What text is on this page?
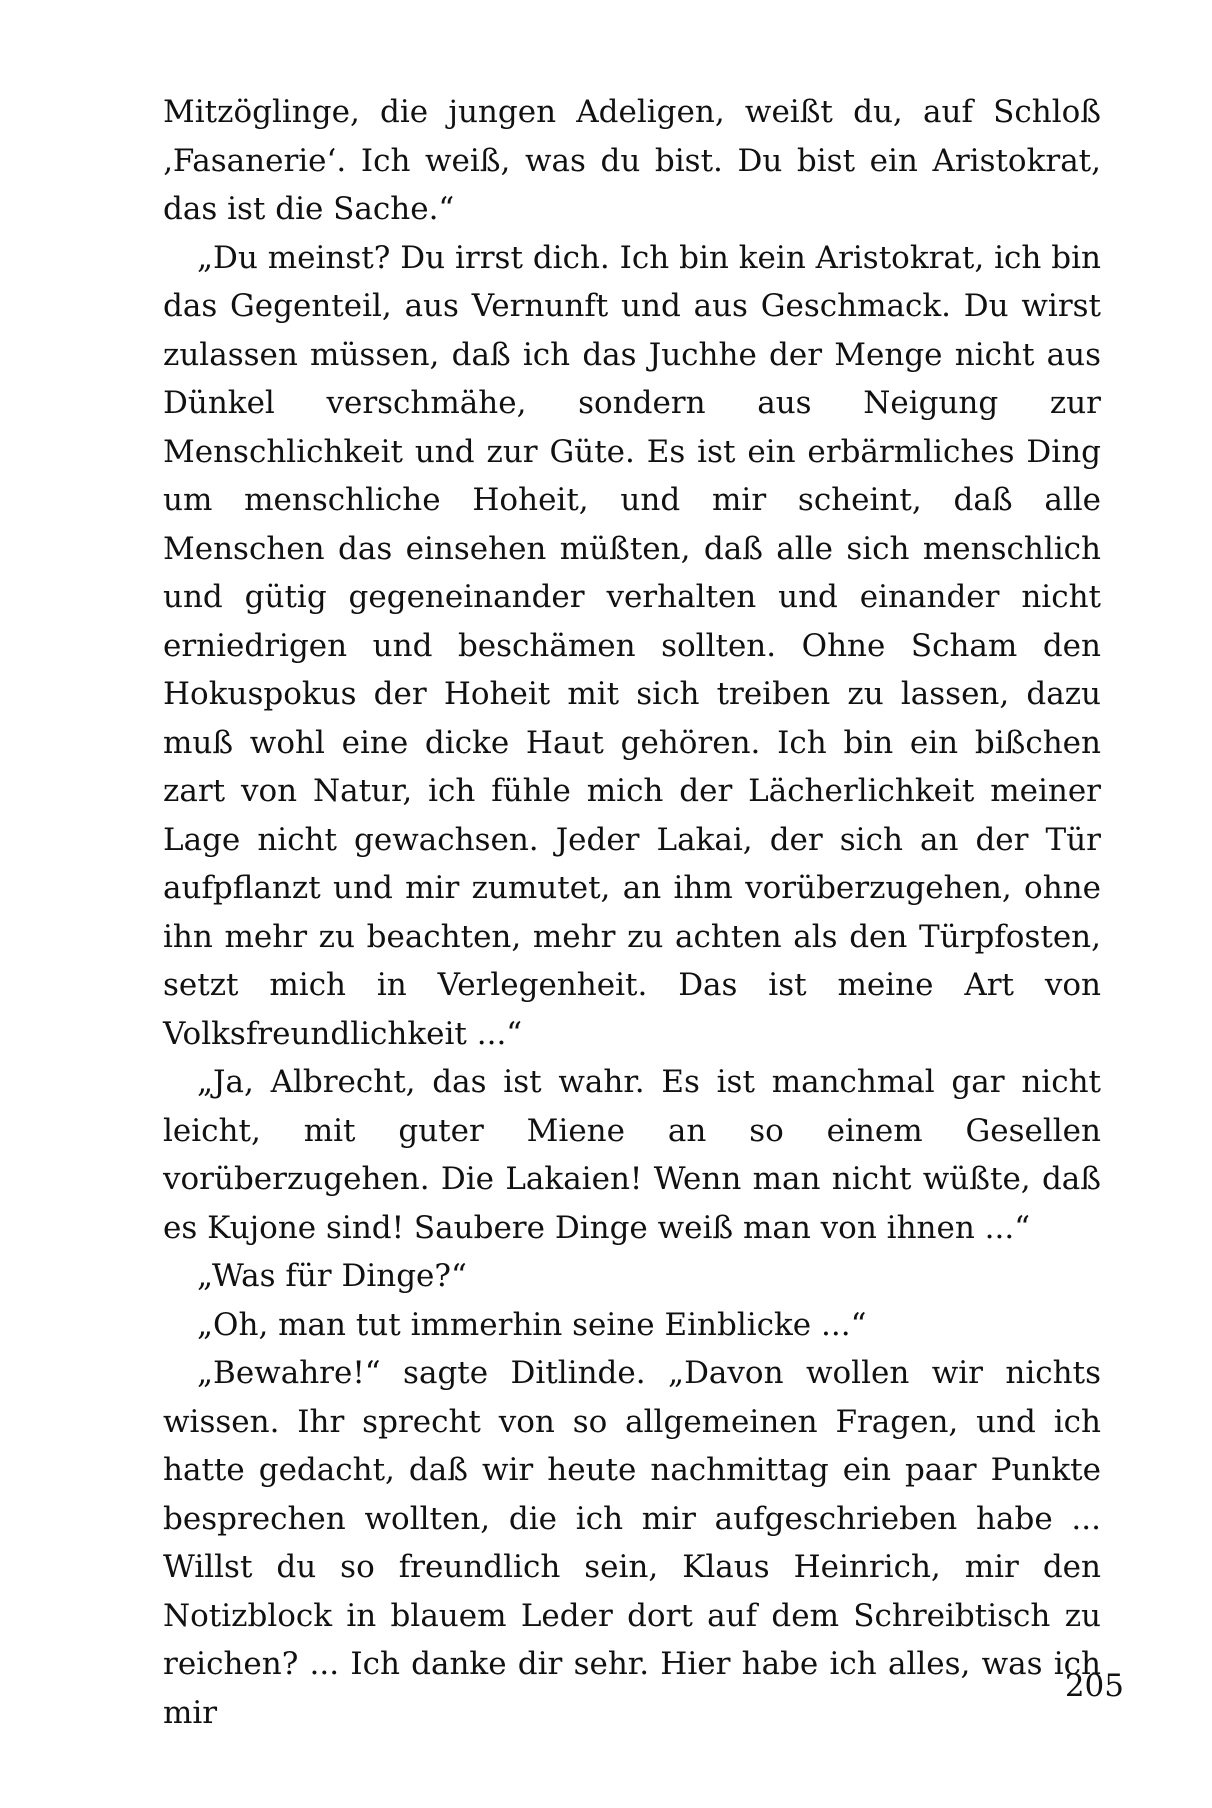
Mitzöglinge, die jungen Adeligen, weißt du, auf Schloß ‚Fasanerie‘. Ich weiß, was du bist. Du bist ein Aristokrat, das ist die Sache.“

„Du meinst? Du irrst dich. Ich bin kein Aristokrat, ich bin das Gegenteil, aus Vernunft und aus Geschmack. Du wirst zulassen müssen, daß ich das Juchhe der Menge nicht aus Dünkel verschmähe, sondern aus Neigung zur Menschlichkeit und zur Güte. Es ist ein erbärmliches Ding um menschliche Hoheit, und mir scheint, daß alle Menschen das einsehen müßten, daß alle sich menschlich und gütig gegeneinander verhalten und einander nicht erniedrigen und beschämen sollten. Ohne Scham den Hokuspokus der Hoheit mit sich treiben zu lassen, dazu muß wohl eine dicke Haut gehören. Ich bin ein bißchen zart von Natur, ich fühle mich der Lächerlichkeit meiner Lage nicht gewachsen. Jeder Lakai, der sich an der Tür aufpflanzt und mir zumutet, an ihm vorüberzugehen, ohne ihn mehr zu beachten, mehr zu achten als den Türpfosten, setzt mich in Verlegenheit. Das ist meine Art von Volksfreundlichkeit ...“

„Ja, Albrecht, das ist wahr. Es ist manchmal gar nicht leicht, mit guter Miene an so einem Gesellen vorüberzugehen. Die Lakaien! Wenn man nicht wüßte, daß es Kujone sind! Saubere Dinge weiß man von ihnen ...“

„Was für Dinge?“

„Oh, man tut immerhin seine Einblicke ...“

„Bewahre!“ sagte Ditlinde. „Davon wollen wir nichts wissen. Ihr sprecht von so allgemeinen Fragen, und ich hatte gedacht, daß wir heute nachmittag ein paar Punkte besprechen wollten, die ich mir aufgeschrieben habe ... Willst du so freundlich sein, Klaus Heinrich, mir den Notizblock in blauem Leder dort auf dem Schreibtisch zu reichen? ... Ich danke dir sehr. Hier habe ich alles, was ich mir

205
